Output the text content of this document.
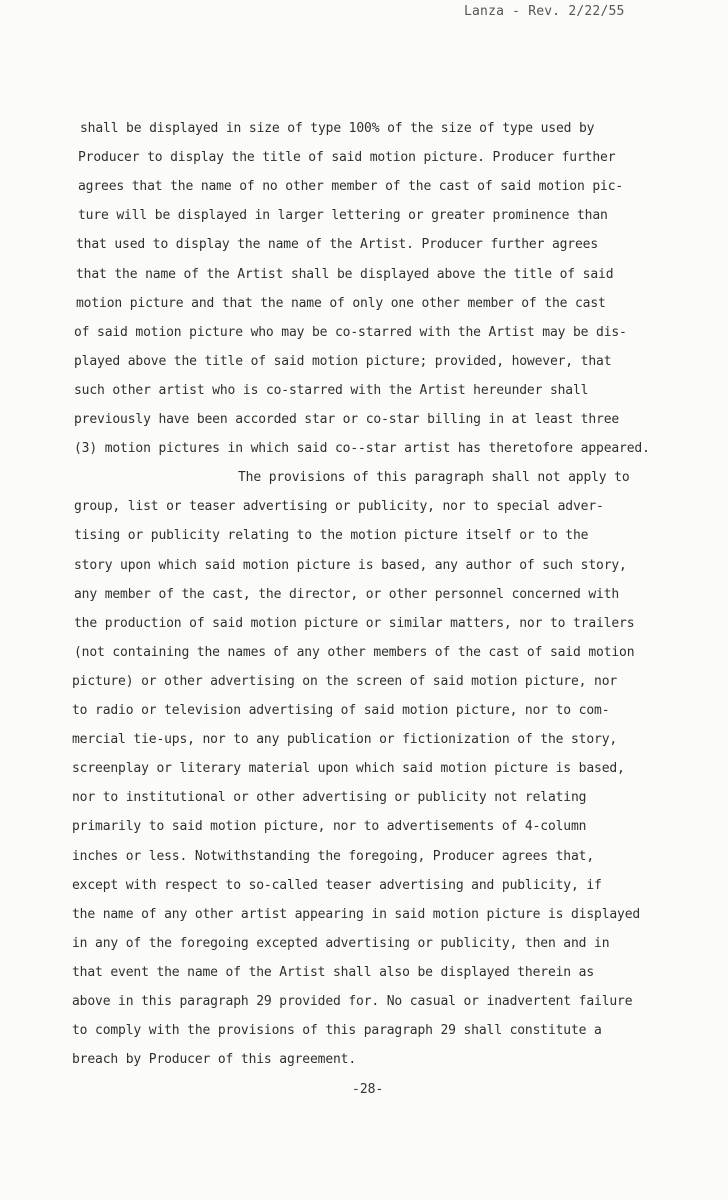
Lanza - Rev. 2/22/55
shall be displayed in size of type 100% of the size of type used by
Producer to display the title of said motion picture. Producer further
agrees that the name of no other member of the cast of said motion pic-
ture will be displayed in larger lettering or greater prominence than
that used to display the name of the Artist. Producer further agrees
that the name of the Artist shall be displayed above the title of said
motion picture and that the name of only one other member of the cast
of said motion picture who may be co-starred with the Artist may be dis-
played above the title of said motion picture; provided, however, that
such other artist who is co-starred with the Artist hereunder shall
previously have been accorded star or co-star billing in at least three
(3) motion pictures in which said co--star artist has theretofore appeared.
The provisions of this paragraph shall not apply to
group, list or teaser advertising or publicity, nor to special adver-
tising or publicity relating to the motion picture itself or to the
story upon which said motion picture is based, any author of such story,
any member of the cast, the director, or other personnel concerned with
the production of said motion picture or similar matters, nor to trailers
(not containing the names of any other members of the cast of said motion
picture) or other advertising on the screen of said motion picture, nor
to radio or television advertising of said motion picture, nor to com-
mercial tie-ups, nor to any publication or fictionization of the story,
screenplay or literary material upon which said motion picture is based,
nor to institutional or other advertising or publicity not relating
primarily to said motion picture, nor to advertisements of 4-column
inches or less. Notwithstanding the foregoing, Producer agrees that,
except with respect to so-called teaser advertising and publicity, if
the name of any other artist appearing in said motion picture is displayed
in any of the foregoing excepted advertising or publicity, then and in
that event the name of the Artist shall also be displayed therein as
above in this paragraph 29 provided for. No casual or inadvertent failure
to comply with the provisions of this paragraph 29 shall constitute a
breach by Producer of this agreement.
-28-
